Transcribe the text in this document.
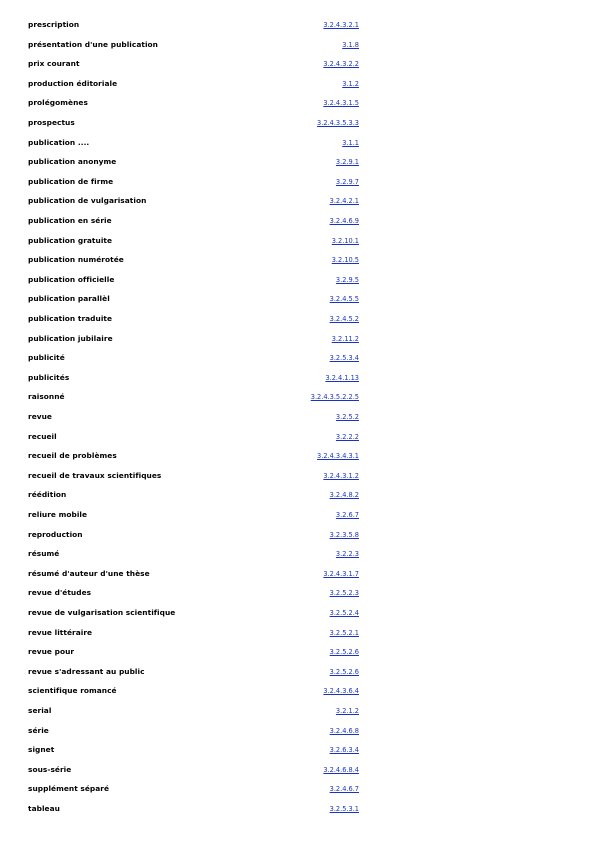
prescription	3.2.4.3.2.1
présentation d'une publication	3.1.8
prix courant	3.2.4.3.2.2
production éditoriale	3.1.2
prolégomènes	3.2.4.3.1.5
prospectus	3.2.4.3.5.3.3
publication ....	3.1.1
publication anonyme	3.2.9.1
publication de firme	3.2.9.7
publication de vulgarisation	3.2.4.2.1
publication en série	3.2.4.6.9
publication gratuite	3.2.10.1
publication numérotée	3.2.10.5
publication officielle	3.2.9.5
publication parallèl	3.2.4.5.5
publication traduite	3.2.4.5.2
publication jubilaire	3.2.11.2
publicité	3.2.5.3.4
publicités	3.2.4.1.13
raisonné	3.2.4.3.5.2.2.5
revue	3.2.5.2
recueil	3.2.2.2
recueil de problèmes	3.2.4.3.4.3.1
recueil de travaux scientifiques	3.2.4.3.1.2
réédition	3.2.4.8.2
reliure mobile	3.2.6.7
reproduction	3.2.3.5.8
résumé	3.2.2.3
résumé d'auteur d'une thèse	3.2.4.3.1.7
revue d'études	3.2.5.2.3
revue de vulgarisation scientifique	3.2.5.2.4
revue littéraire	3.2.5.2.1
revue pour	3.2.5.2.6
revue s'adressant au public	3.2.5.2.6
scientifique romancé	3.2.4.3.6.4
serial	3.2.1.2
série	3.2.4.6.8
signet	3.2.6.3.4
sous-série	3.2.4.6.8.4
supplément séparé	3.2.4.6.7
tableau	3.2.5.3.1
